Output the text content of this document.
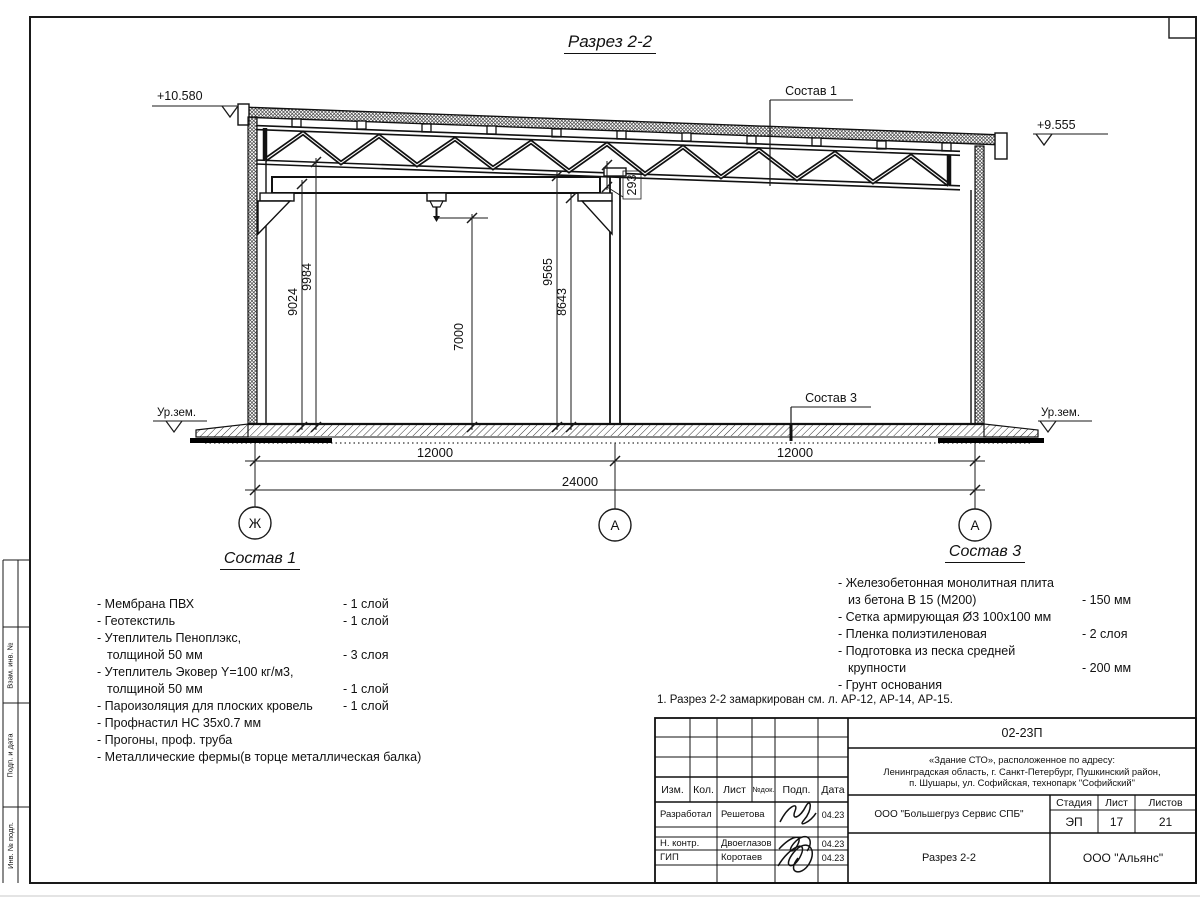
9024
9984
7000
9565
8643
293
12000	12000
24000
Ж	А	А
+10.580
+9.555
Ур.зем.	Ур.зем.
Состав 1
Состав 3
Разрез 2-2
Состав 1
- Мембрана ПВХ	- 1 слой
- Геотекстиль	- 1 слой
- Утеплитель Пеноплэкс,
толщиной 50 мм	- 3 слоя
- Утеплитель Эковер Y=100 кг/м3,
толщиной 50 мм	- 1 слой
- Пароизоляция для плоских кровель - 1 слой
- Профнастил НС 35х0.7 мм
- Прогоны, проф. труба
- Металлические фермы(в торце металлическая балка)
Состав 3
- Железобетонная монолитная плита
из бетона В 15 (М200)	- 150 мм
- Сетка армирующая Ø3 100х100 мм
- Пленка полиэтиленовая	- 2 слоя
- Подготовка из песка средней
крупности	- 200 мм
- Грунт основания
1. Разрез 2-2 замаркирован см. л. АР-12, АР-14, АР-15.
Изм. Кол. Лист №док. Подп.	Дата
Разработал Решетова	04.23
Н. контр.	Двоеглазов	04.23
ГИП	Коротаев	04.23
02-23П
«Здание СТО», расположенное по адресу:
Ленинградская область, г. Санкт-Петербург, Пушкинский район,
п. Шушары, ул. Софийская, технопарк "Софийский"
ООО "Большегруз Сервис СПБ"
Разрез 2-2
Стадия	Лист	Листов
ЭП	17	21
ООО "Альянс"
Взам. инв. №
Подп. и дата
Инв. № подл.
